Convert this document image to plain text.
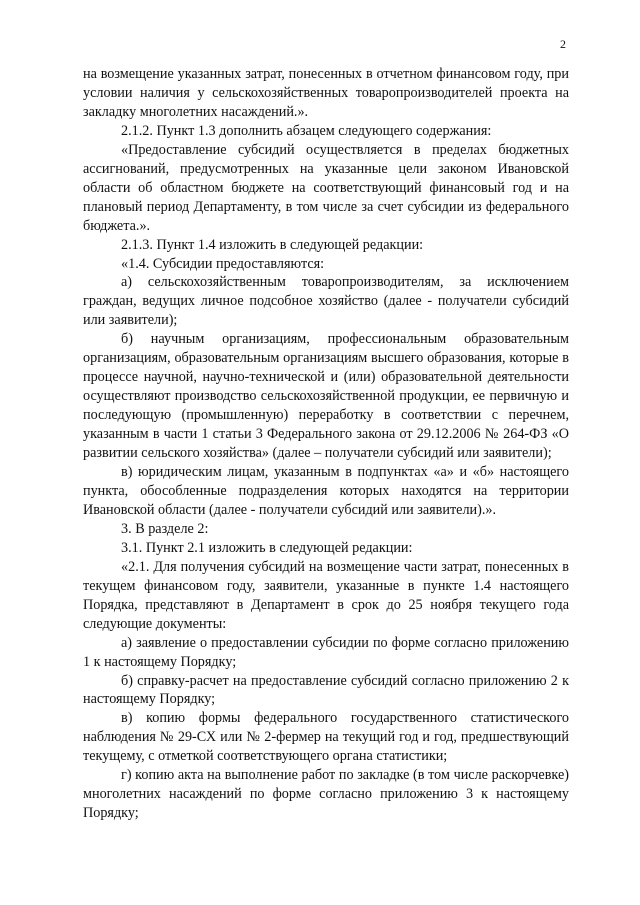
2

на возмещение указанных затрат, понесенных в отчетном финансовом году, при условии наличия у сельскохозяйственных товаропроизводителей проекта на закладку многолетних насаждений.».

2.1.2. Пункт 1.3 дополнить абзацем следующего содержания:

«Предоставление субсидий осуществляется в пределах бюджетных ассигнований, предусмотренных на указанные цели законом Ивановской области об областном бюджете на соответствующий финансовый год и на плановый период Департаменту, в том числе за счет субсидии из федерального бюджета.».

2.1.3. Пункт 1.4 изложить в следующей редакции:

«1.4. Субсидии предоставляются:

а) сельскохозяйственным товаропроизводителям, за исключением граждан, ведущих личное подсобное хозяйство (далее - получатели субсидий или заявители);

б) научным организациям, профессиональным образовательным организациям, образовательным организациям высшего образования, которые в процессе научной, научно-технической и (или) образовательной деятельности осуществляют производство сельскохозяйственной продукции, ее первичную и последующую (промышленную) переработку в соответствии с перечнем, указанным в части 1 статьи 3 Федерального закона от 29.12.2006 № 264-ФЗ «О развитии сельского хозяйства» (далее – получатели субсидий или заявители);

в) юридическим лицам, указанным в подпунктах «а» и «б» настоящего пункта, обособленные подразделения которых находятся на территории Ивановской области (далее - получатели субсидий или заявители).».

3. В разделе 2:

3.1. Пункт 2.1 изложить в следующей редакции:

«2.1. Для получения субсидий на возмещение части затрат, понесенных в текущем финансовом году, заявители, указанные в пункте 1.4 настоящего Порядка, представляют в Департамент в срок до 25 ноября текущего года следующие документы:

а) заявление о предоставлении субсидии по форме согласно приложению 1 к настоящему Порядку;

б) справку-расчет на предоставление субсидий согласно приложению 2 к настоящему Порядку;

в) копию формы федерального государственного статистического наблюдения № 29-СХ или № 2-фермер на текущий год и год, предшествующий текущему, с отметкой соответствующего органа статистики;

г) копию акта на выполнение работ по закладке (в том числе раскорчевке) многолетних насаждений по форме согласно приложению 3 к настоящему Порядку;
